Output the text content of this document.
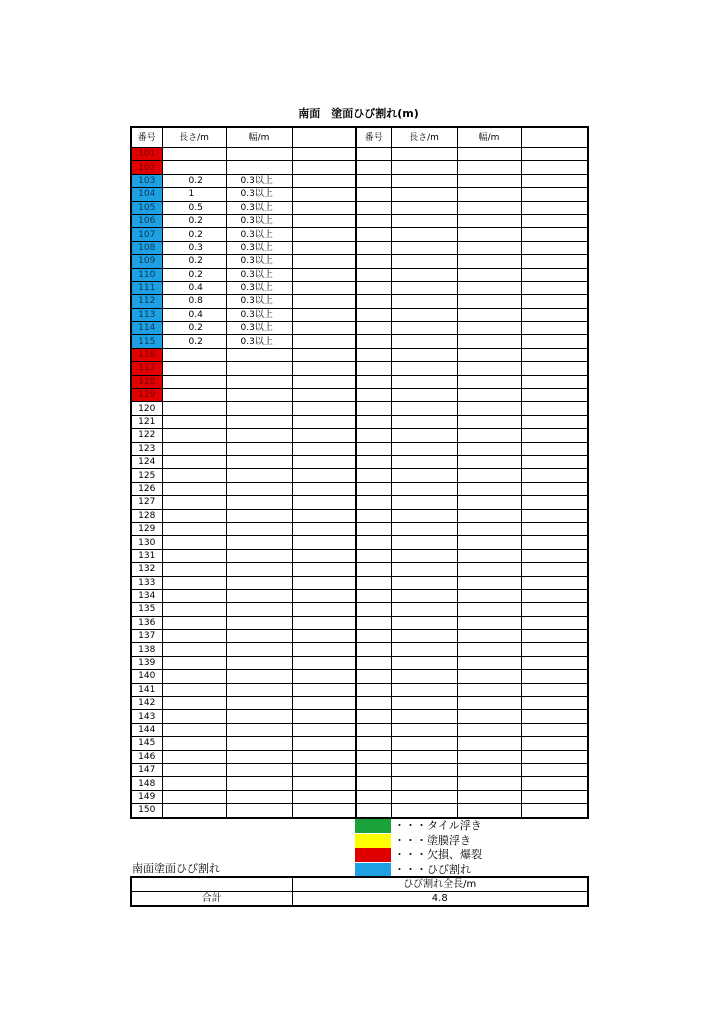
南面　塗面ひび割れ(m)
番号	長さ/m	幅/m		番号	長さ/m	幅/m	
101							
102							
103	0.2	0.3以上					
104	1	0.3以上					
105	0.5	0.3以上					
106	0.2	0.3以上					
107	0.2	0.3以上					
108	0.3	0.3以上					
109	0.2	0.3以上					
110	0.2	0.3以上					
111	0.4	0.3以上					
112	0.8	0.3以上					
113	0.4	0.3以上					
114	0.2	0.3以上					
115	0.2	0.3以上					
116							
117							
118							
119							
120							
121							
122							
123							
124							
125							
126							
127							
128							
129							
130							
131							
132							
133							
134							
135							
136							
137							
138							
139							
140							
141							
142							
143							
144							
145							
146							
147							
148							
149							
150							
・・・タイル浮き
・・・塗膜浮き
・・・欠損、爆裂
・・・ひび割れ
南面塗面ひび割れ
	ひび割れ全長/m
合計	4.8
